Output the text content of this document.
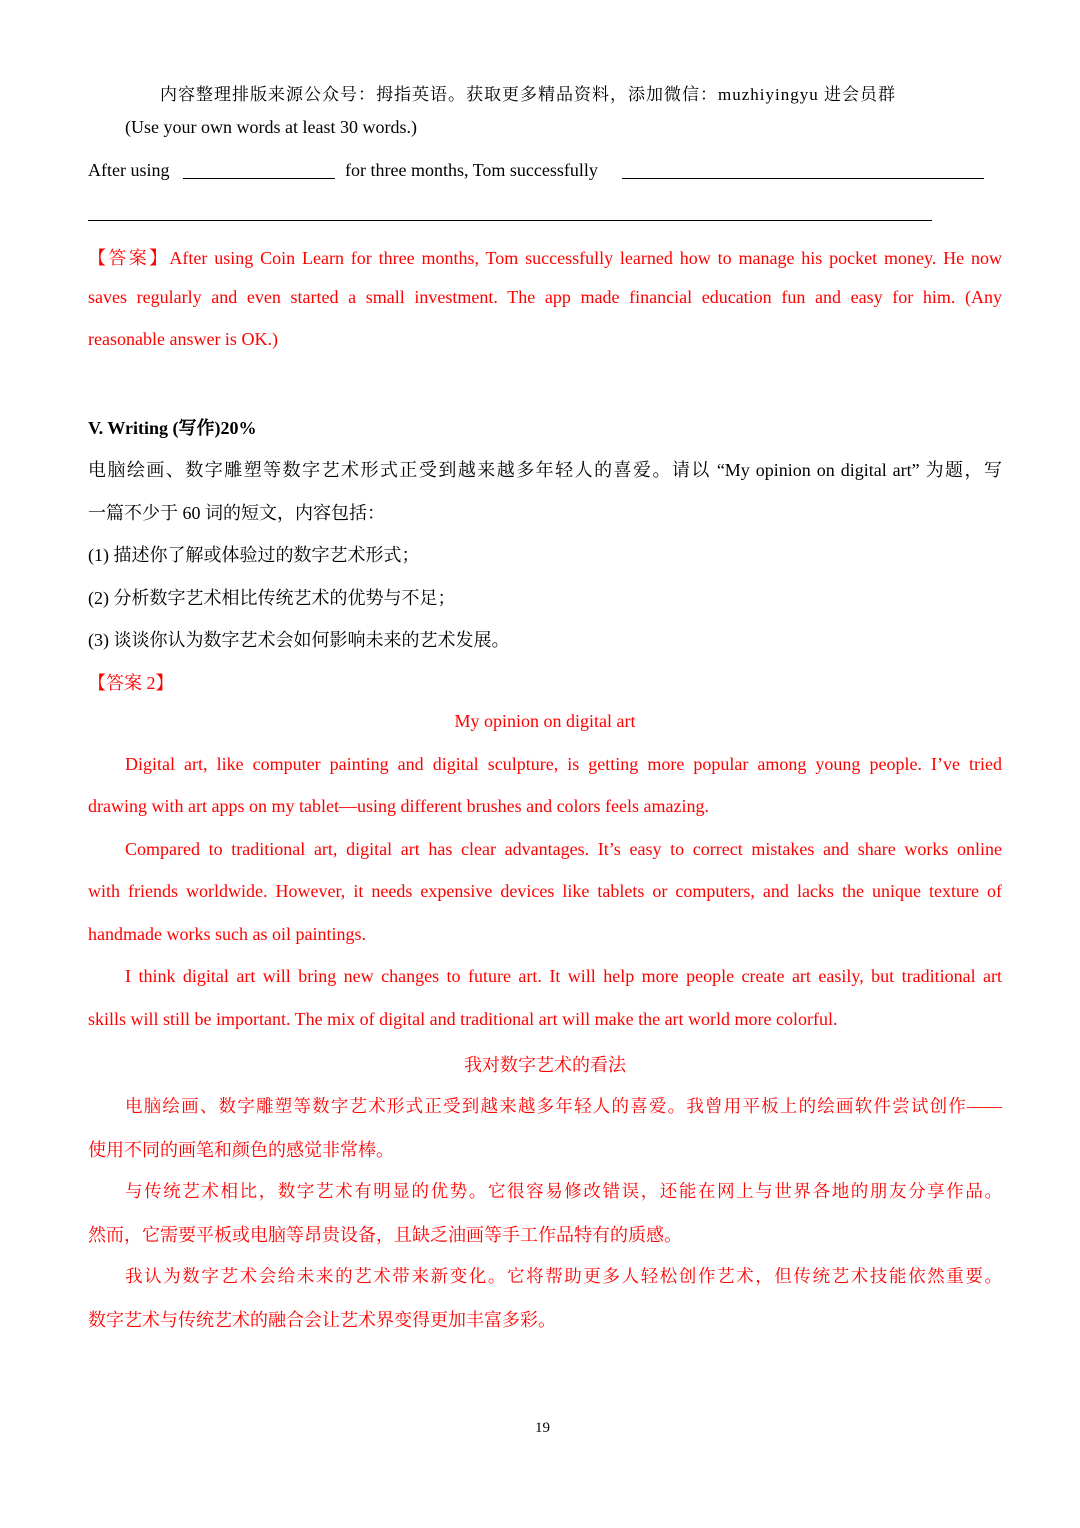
内容整理排版来源公众号：拇指英语。获取更多精品资料，添加微信：muzhiyingyu 进会员群
(Use your own words at least 30 words.)
After using	for three months, Tom successfully
【答案】After using Coin Learn for three months, Tom successfully learned how to manage his pocket money. He now
saves regularly and even started a small investment. The app made financial education fun and easy for him. (Any
reasonable answer is OK.)
V. Writing (写作)20%
电脑绘画、数字雕塑等数字艺术形式正受到越来越多年轻人的喜爱。请以 “My opinion on digital art” 为题，写
一篇不少于 60 词的短文，内容包括：
(1) 描述你了解或体验过的数字艺术形式；
(2) 分析数字艺术相比传统艺术的优势与不足；
(3) 谈谈你认为数字艺术会如何影响未来的艺术发展。
【答案 2】
My opinion on digital art
Digital art, like computer painting and digital sculpture, is getting more popular among young people. I’ve tried
drawing with art apps on my tablet—using different brushes and colors feels amazing.
Compared to traditional art, digital art has clear advantages. It’s easy to correct mistakes and share works online
with friends worldwide. However, it needs expensive devices like tablets or computers, and lacks the unique texture of
handmade works such as oil paintings.
I think digital art will bring new changes to future art. It will help more people create art easily, but traditional art
skills will still be important. The mix of digital and traditional art will make the art world more colorful.
我对数字艺术的看法
电脑绘画、数字雕塑等数字艺术形式正受到越来越多年轻人的喜爱。我曾用平板上的绘画软件尝试创作——
使用不同的画笔和颜色的感觉非常棒。
与传统艺术相比，数字艺术有明显的优势。它很容易修改错误，还能在网上与世界各地的朋友分享作品。
然而，它需要平板或电脑等昂贵设备，且缺乏油画等手工作品特有的质感。
我认为数字艺术会给未来的艺术带来新变化。它将帮助更多人轻松创作艺术，但传统艺术技能依然重要。
数字艺术与传统艺术的融合会让艺术界变得更加丰富多彩。
19
